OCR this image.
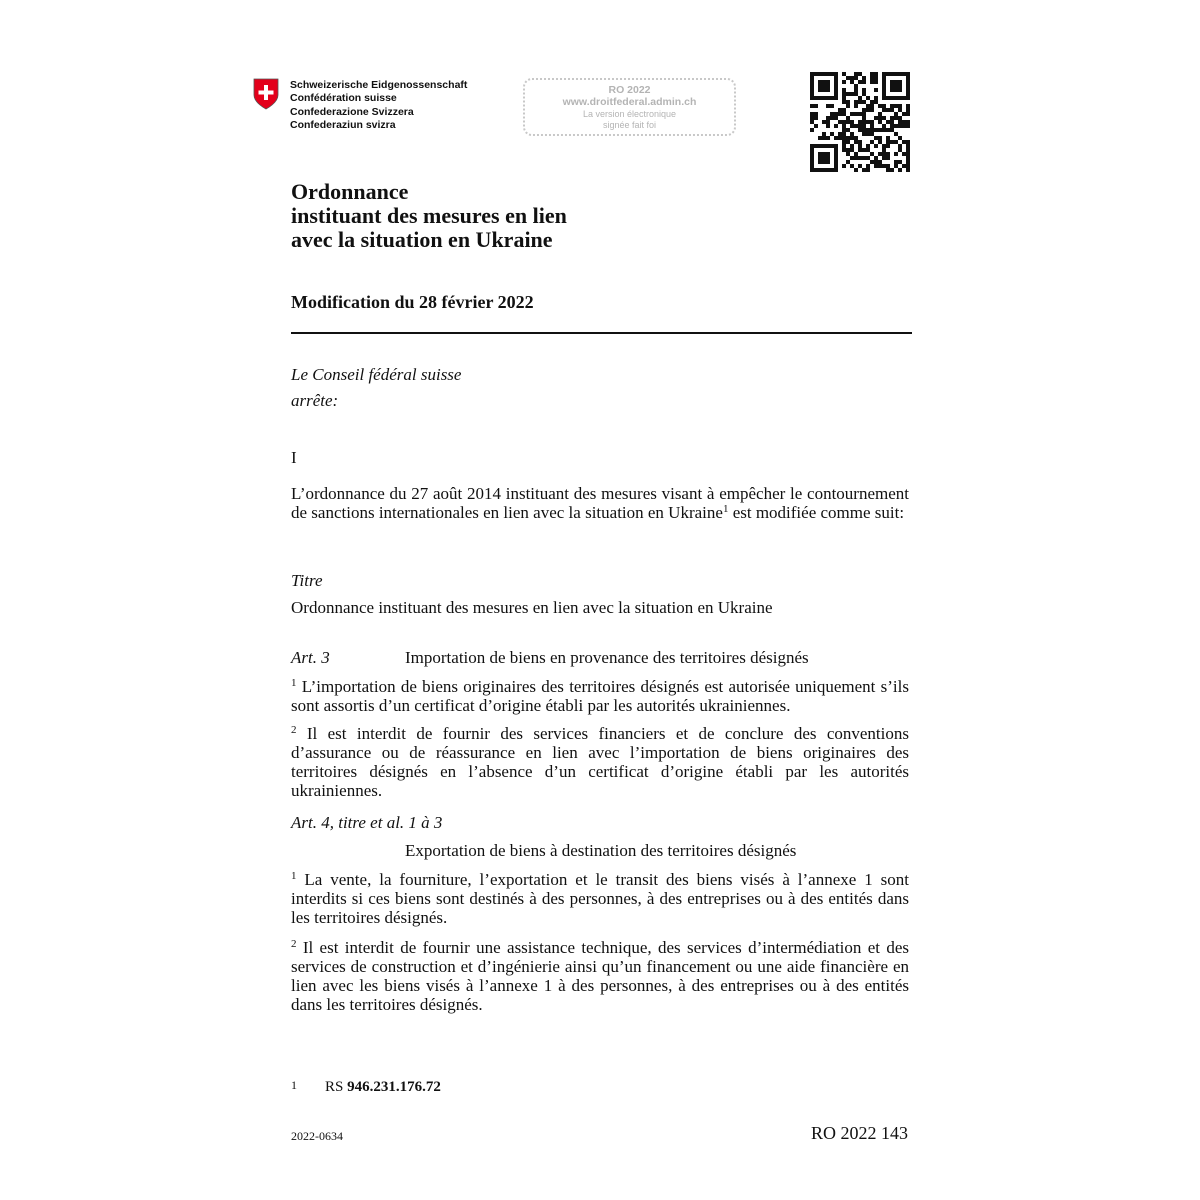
Schweizerische Eidgenossenschaft
Confédération suisse
Confederazione Svizzera
Confederaziun svizra
RO 2022
www.droitfederal.admin.ch
La version électronique
signée fait foi
Ordonnance
instituant des mesures en lien
avec la situation en Ukraine
Modification du 28 février 2022
Le Conseil fédéral suisse
arrête:
I
L’ordonnance du 27 août 2014 instituant des mesures visant à empêcher le contournement de sanctions internationales en lien avec la situation en Ukraine$^1$ est modifiée comme suit:
Titre
Ordonnance instituant des mesures en lien avec la situation en Ukraine
Art. 3	Importation de biens en provenance des territoires désignés
$^1$ L’importation de biens originaires des territoires désignés est autorisée uniquement s’ils sont assortis d’un certificat d’origine établi par les autorités ukrainiennes.
$^2$ Il est interdit de fournir des services financiers et de conclure des conventions d’assurance ou de réassurance en lien avec l’importation de biens originaires des territoires désignés en l’absence d’un certificat d’origine établi par les autorités ukrainiennes.
Art. 4, titre et al. 1 à 3
Exportation de biens à destination des territoires désignés
$^1$ La vente, la fourniture, l’exportation et le transit des biens visés à l’annexe 1 sont interdits si ces biens sont destinés à des personnes, à des entreprises ou à des entités dans les territoires désignés.
$^2$ Il est interdit de fournir une assistance technique, des services d’intermédiation et des services de construction et d’ingénierie ainsi qu’un financement ou une aide financière en lien avec les biens visés à l’annexe 1 à des personnes, à des entreprises ou à des entités dans les territoires désignés.
1 RS 946.231.176.72
2022-0634	RO 2022 143
